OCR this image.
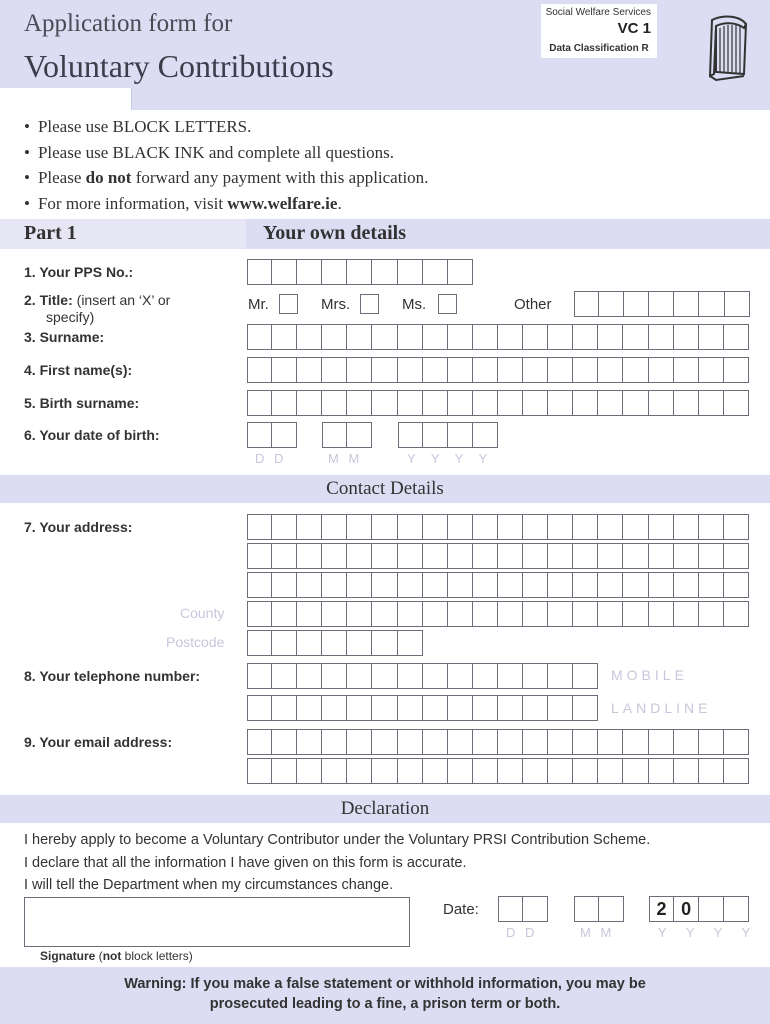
Application form for
Voluntary Contributions
Social Welfare Services
VC 1
Data Classification R
• Please use BLOCK LETTERS.
• Please use BLACK INK and complete all questions.
• Please do not forward any payment with this application.
• For more information, visit www.welfare.ie.
Part 1	Your own details
1. Your PPS No.:
2. Title: (insert an ‘X’ or
specify)
Mr.	Mrs.	Ms.	Other
3. Surname:
4. First name(s):
5. Birth surname:
6. Your date of birth:
D D	M M	Y Y Y Y
Contact Details
7. Your address:
County
Postcode
8. Your telephone number:	MOBILE
LANDLINE
9. Your email address:
Declaration
I hereby apply to become a Voluntary Contributor under the Voluntary PRSI Contribution Scheme.
I declare that all the information I have given on this form is accurate.
I will tell the Department when my circumstances change.
Signature (not block letters)
Date:	2 0
D D	M M	Y Y Y Y
Warning: If you make a false statement or withhold information, you may be
prosecuted leading to a fine, a prison term or both.
